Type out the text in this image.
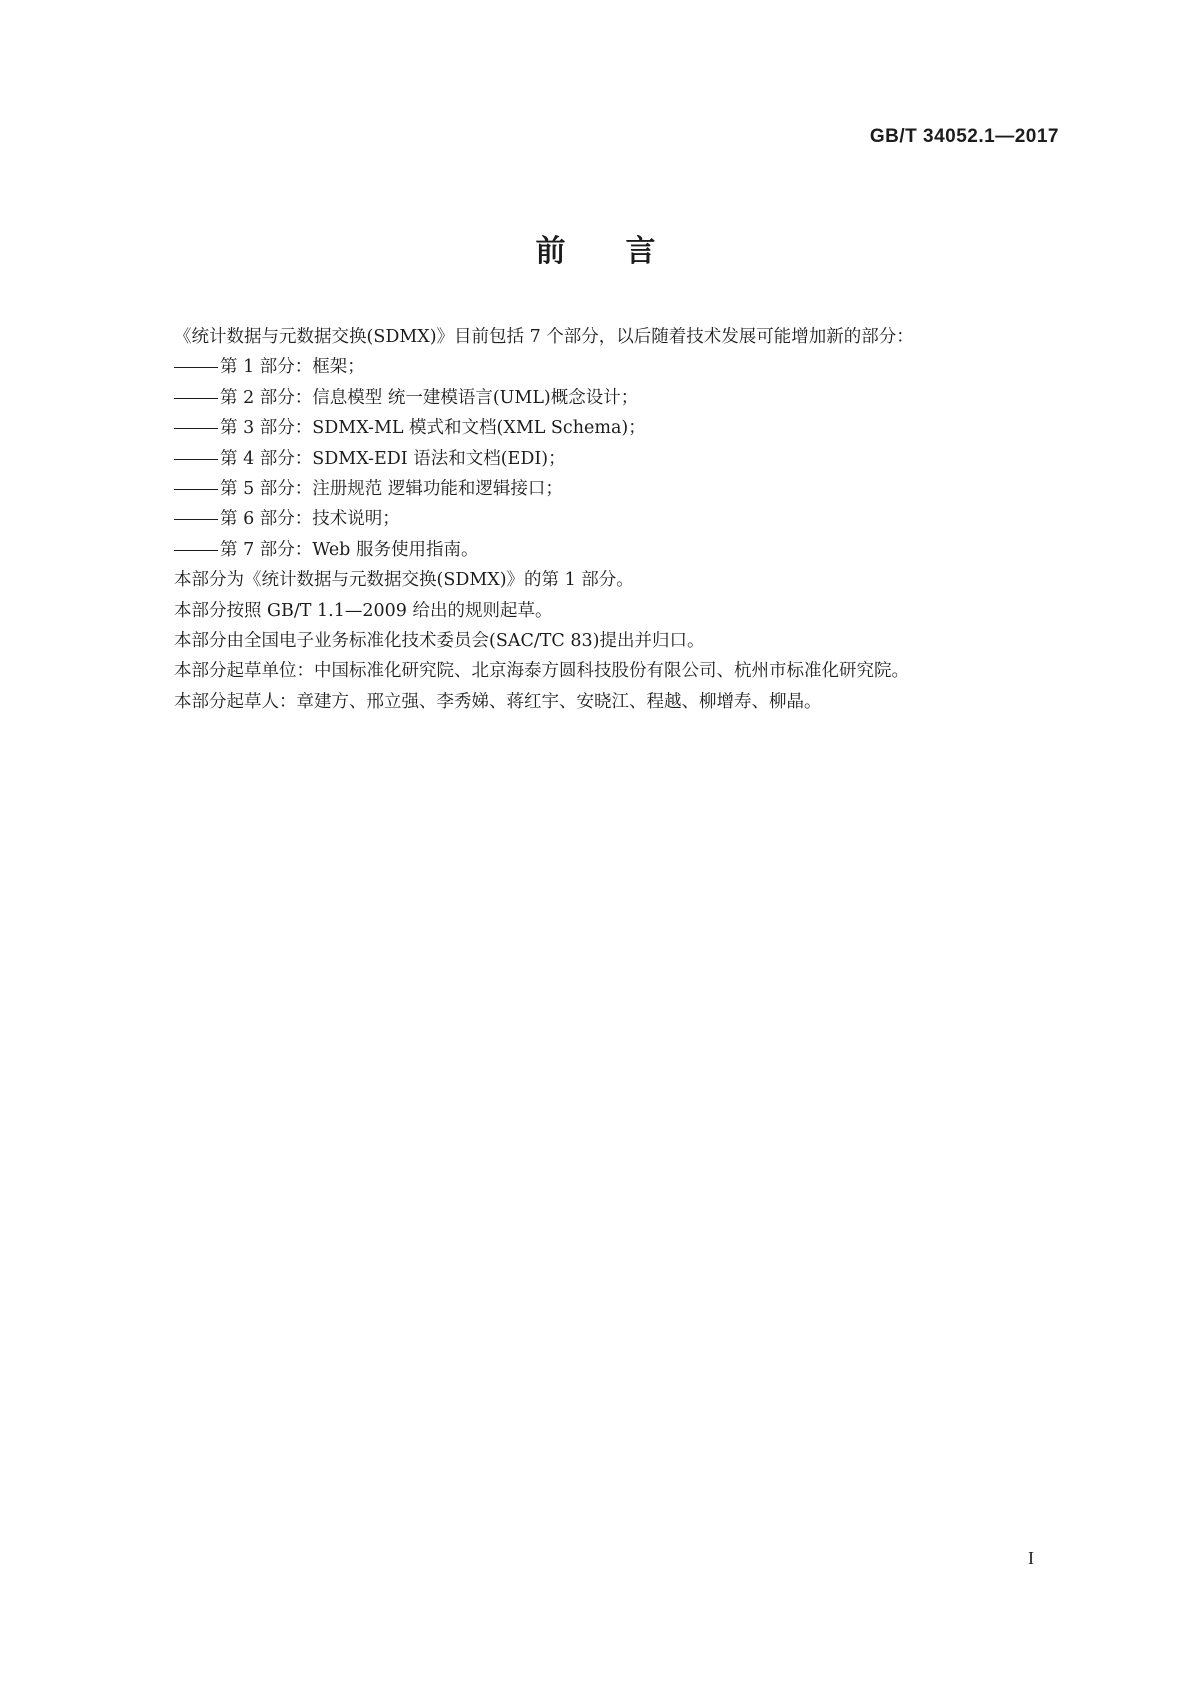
GB/T 34052.1—2017
前 言
《统计数据与元数据交换(SDMX)》目前包括 7 个部分，以后随着技术发展可能增加新的部分：
第 1 部分：框架；
第 2 部分：信息模型 统一建模语言(UML)概念设计；
第 3 部分：SDMX-ML 模式和文档(XML Schema)；
第 4 部分：SDMX-EDI 语法和文档(EDI)；
第 5 部分：注册规范 逻辑功能和逻辑接口；
第 6 部分：技术说明；
第 7 部分：Web 服务使用指南。
本部分为《统计数据与元数据交换(SDMX)》的第 1 部分。
本部分按照 GB/T 1.1—2009 给出的规则起草。
本部分由全国电子业务标准化技术委员会(SAC/TC 83)提出并归口。
本部分起草单位：中国标准化研究院、北京海泰方圆科技股份有限公司、杭州市标准化研究院。
本部分起草人：章建方、邢立强、李秀娣、蒋红宇、安晓江、程越、柳增寿、柳晶。
I
